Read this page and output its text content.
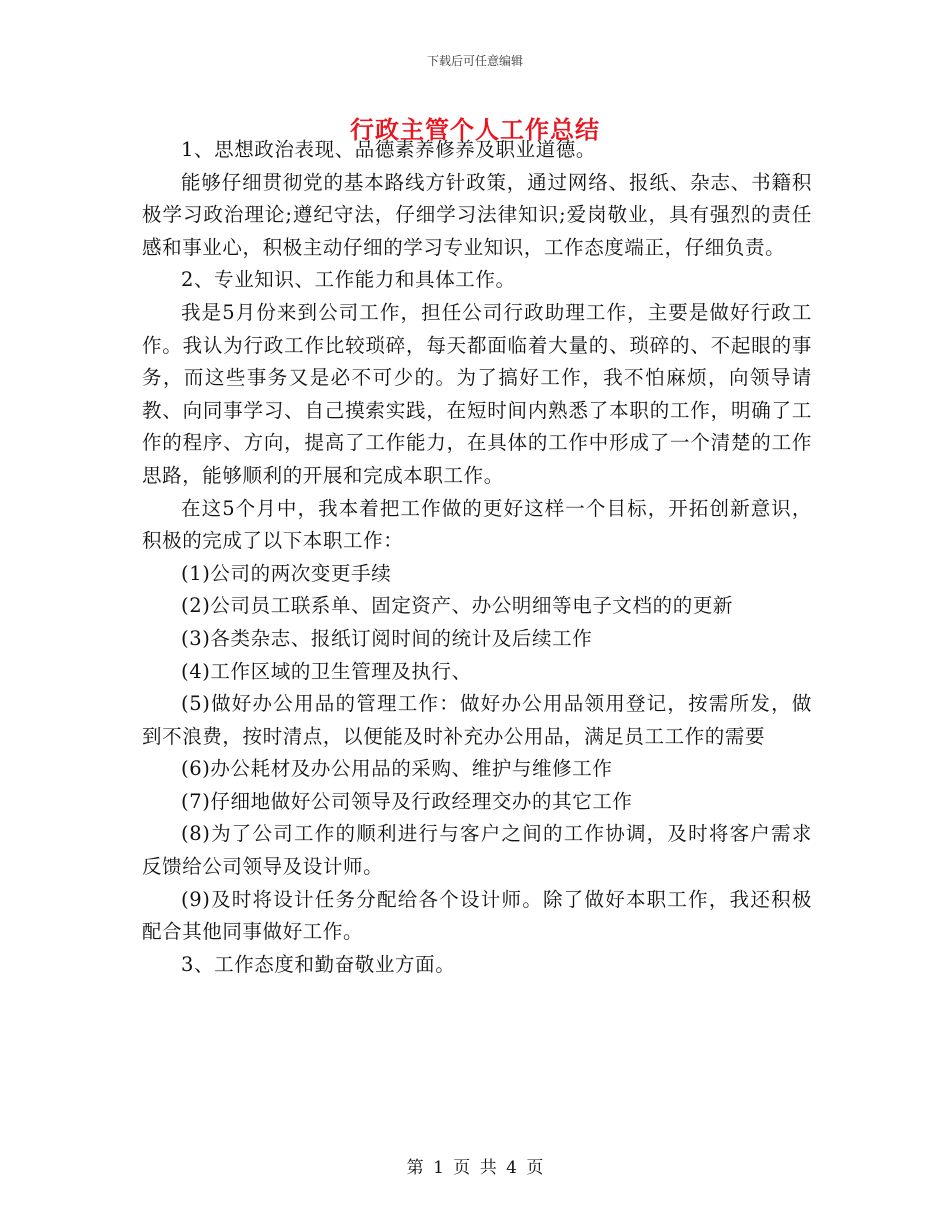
下载后可任意编辑
行政主管个人工作总结

1、思想政治表现、品德素养修养及职业道德。

能够仔细贯彻党的基本路线方针政策，通过网络、报纸、杂志、书籍积极学习政治理论;遵纪守法，仔细学习法律知识;爱岗敬业，具有强烈的责任感和事业心，积极主动仔细的学习专业知识，工作态度端正，仔细负责。

2、专业知识、工作能力和具体工作。

我是5月份来到公司工作，担任公司行政助理工作，主要是做好行政工作。我认为行政工作比较琐碎，每天都面临着大量的、琐碎的、不起眼的事务，而这些事务又是必不可少的。为了搞好工作，我不怕麻烦，向领导请教、向同事学习、自己摸索实践，在短时间内熟悉了本职的工作，明确了工作的程序、方向，提高了工作能力，在具体的工作中形成了一个清楚的工作思路，能够顺利的开展和完成本职工作。

在这5个月中，我本着把工作做的更好这样一个目标，开拓创新意识，积极的完成了以下本职工作：

(1)公司的两次变更手续

(2)公司员工联系单、固定资产、办公明细等电子文档的的更新

(3)各类杂志、报纸订阅时间的统计及后续工作

(4)工作区域的卫生管理及执行、

(5)做好办公用品的管理工作：做好办公用品领用登记，按需所发，做到不浪费，按时清点，以便能及时补充办公用品，满足员工工作的需要

(6)办公耗材及办公用品的采购、维护与维修工作

(7)仔细地做好公司领导及行政经理交办的其它工作

(8)为了公司工作的顺利进行与客户之间的工作协调，及时将客户需求反馈给公司领导及设计师。

(9)及时将设计任务分配给各个设计师。除了做好本职工作，我还积极配合其他同事做好工作。

3、工作态度和勤奋敬业方面。

第 1 页 共 4 页
